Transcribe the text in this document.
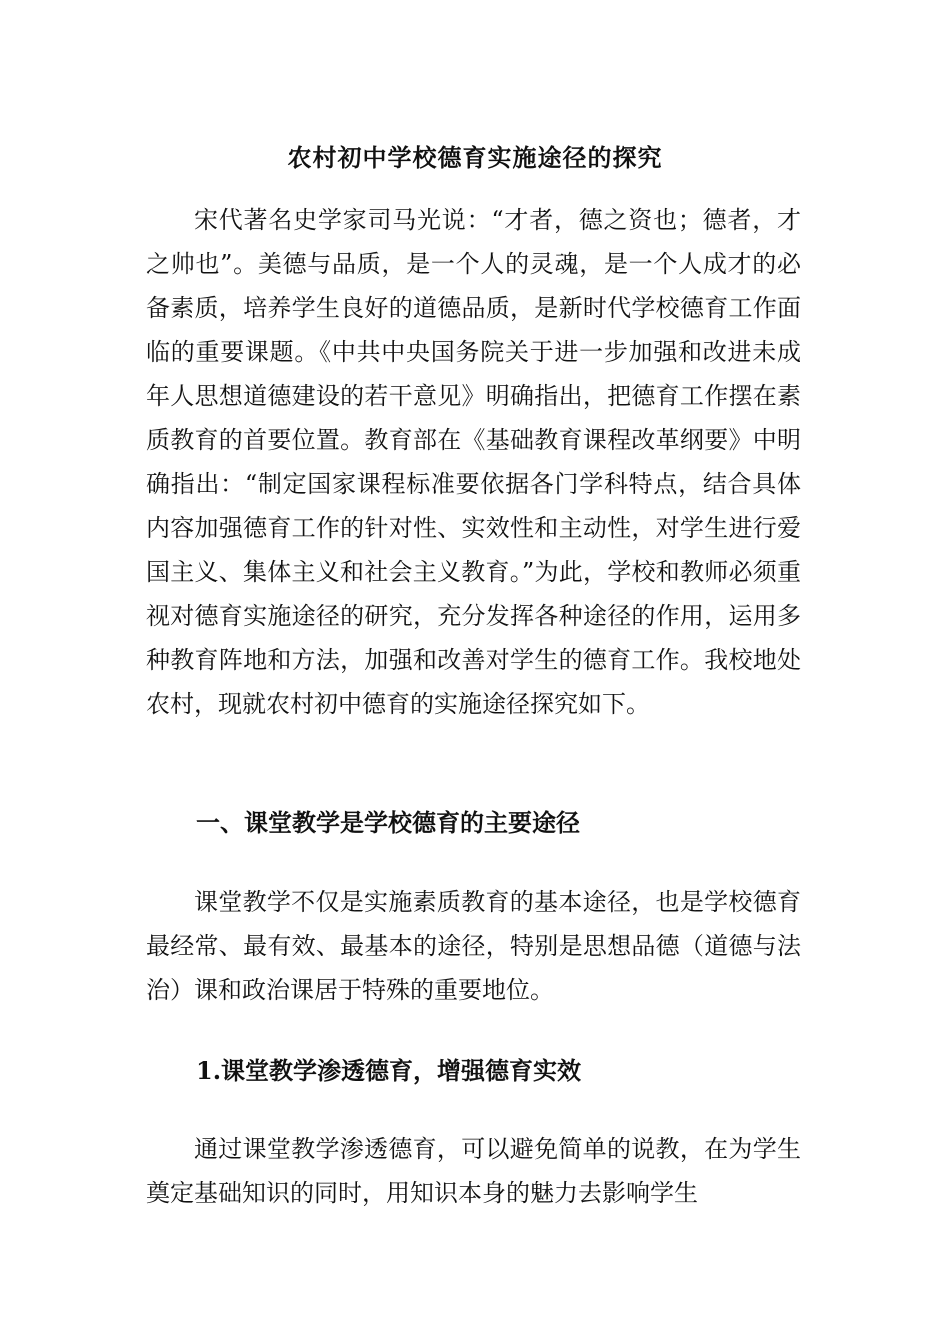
农村初中学校德育实施途径的探究

宋代著名史学家司马光说：“才者，德之资也；德者，才之帅也”。美德与品质，是一个人的灵魂，是一个人成才的必备素质，培养学生良好的道德品质，是新时代学校德育工作面临的重要课题。《中共中央国务院关于进一步加强和改进未成年人思想道德建设的若干意见》明确指出，把德育工作摆在素质教育的首要位置。教育部在《基础教育课程改革纲要》中明确指出：“制定国家课程标准要依据各门学科特点，结合具体内容加强德育工作的针对性、实效性和主动性，对学生进行爱国主义、集体主义和社会主义教育。”为此，学校和教师必须重视对德育实施途径的研究，充分发挥各种途径的作用，运用多种教育阵地和方法，加强和改善对学生的德育工作。我校地处农村，现就农村初中德育的实施途径探究如下。

一、课堂教学是学校德育的主要途径

课堂教学不仅是实施素质教育的基本途径，也是学校德育最经常、最有效、最基本的途径，特别是思想品德（道德与法治）课和政治课居于特殊的重要地位。

1.课堂教学渗透德育，增强德育实效

通过课堂教学渗透德育，可以避免简单的说教，在为学生奠定基础知识的同时，用知识本身的魅力去影响学生
